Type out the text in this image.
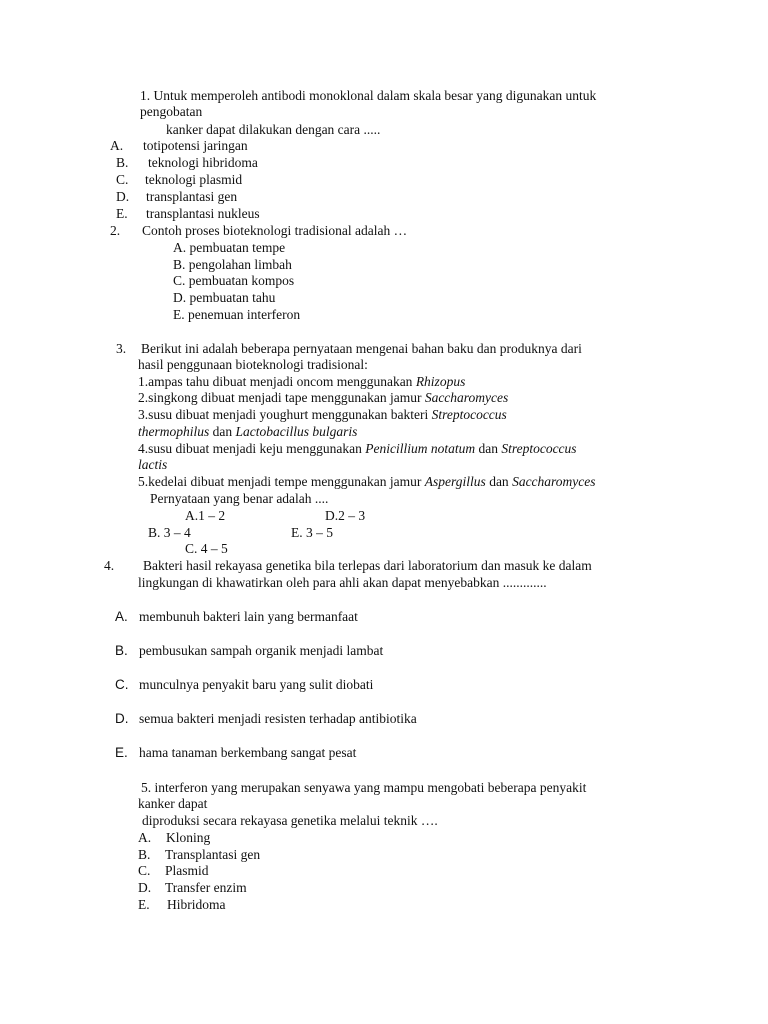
1. Untuk memperoleh antibodi monoklonal dalam skala besar yang digunakan untuk
pengobatan
kanker dapat dilakukan dengan cara .....
A. totipotensi jaringan
B. teknologi hibridoma
C. teknologi plasmid
D. transplantasi gen
E. transplantasi nukleus
2. Contoh proses bioteknologi tradisional adalah …
A. pembuatan tempe
B. pengolahan limbah
C. pembuatan kompos
D. pembuatan tahu
E. penemuan interferon
3. Berikut ini adalah beberapa pernyataan mengenai bahan baku dan produknya dari
hasil penggunaan bioteknologi tradisional:
1.ampas tahu dibuat menjadi oncom menggunakan Rhizopus
2.singkong dibuat menjadi tape menggunakan jamur Saccharomyces
3.susu dibuat menjadi youghurt menggunakan bakteri Streptococcus
thermophilus dan Lactobacillus bulgaris
4.susu dibuat menjadi keju menggunakan Penicillium notatum dan Streptococcus
lactis
5.kedelai dibuat menjadi tempe menggunakan jamur Aspergillus dan Saccharomyces
Pernyataan yang benar adalah ....
A.1 – 2	D.2 – 3
B. 3 – 4	E. 3 – 5
C. 4 – 5
4. Bakteri hasil rekayasa genetika bila terlepas dari laboratorium dan masuk ke dalam
lingkungan di khawatirkan oleh para ahli akan dapat menyebabkan .............
A. membunuh bakteri lain yang bermanfaat
B. pembusukan sampah organik menjadi lambat
C. munculnya penyakit baru yang sulit diobati
D. semua bakteri menjadi resisten terhadap antibiotika
E. hama tanaman berkembang sangat pesat
5. interferon yang merupakan senyawa yang mampu mengobati beberapa penyakit
kanker dapat
diproduksi secara rekayasa genetika melalui teknik ….
A. Kloning
B. Transplantasi gen
C. Plasmid
D. Transfer enzim
E. Hibridoma
